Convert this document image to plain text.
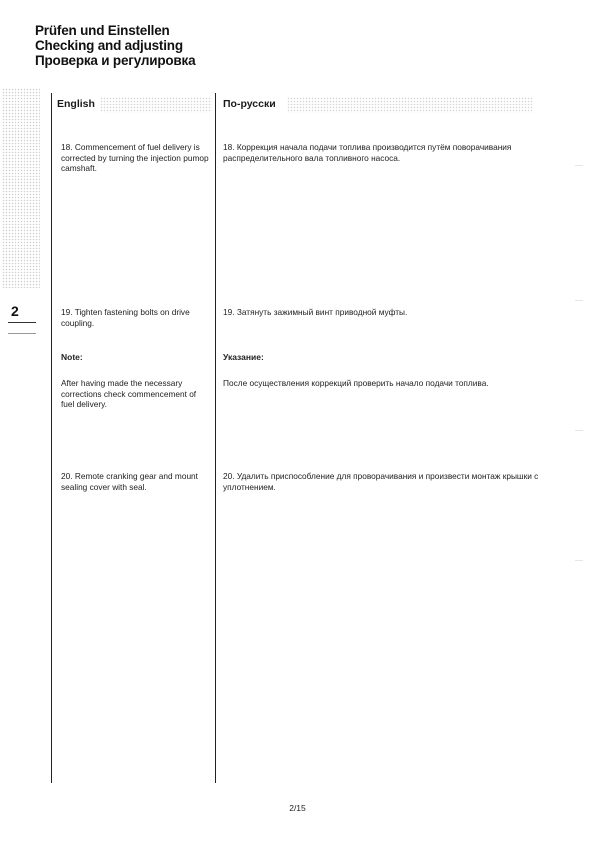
Prüfen und Einstellen
Checking and adjusting
Проверка и регулировка
2
English	По-русски
18. Commencement of fuel delivery is corrected by turning the injection pumop camshaft.
18. Коррекция начала подачи топлива производится путём поворачивания распределительного вала топливного насоса.
19. Tighten fastening bolts on drive coupling.
19. Затянуть зажимный винт приводной муфты.
Note:	Указание:
After having made the necessary corrections check commencement of fuel delivery.
После осуществления коррекций проверить начало подачи топлива.
20. Remote cranking gear and mount sealing cover with seal.
20. Удалить приспособление для проворачивания и произвести монтаж крышки с уплотнением.
2/15
